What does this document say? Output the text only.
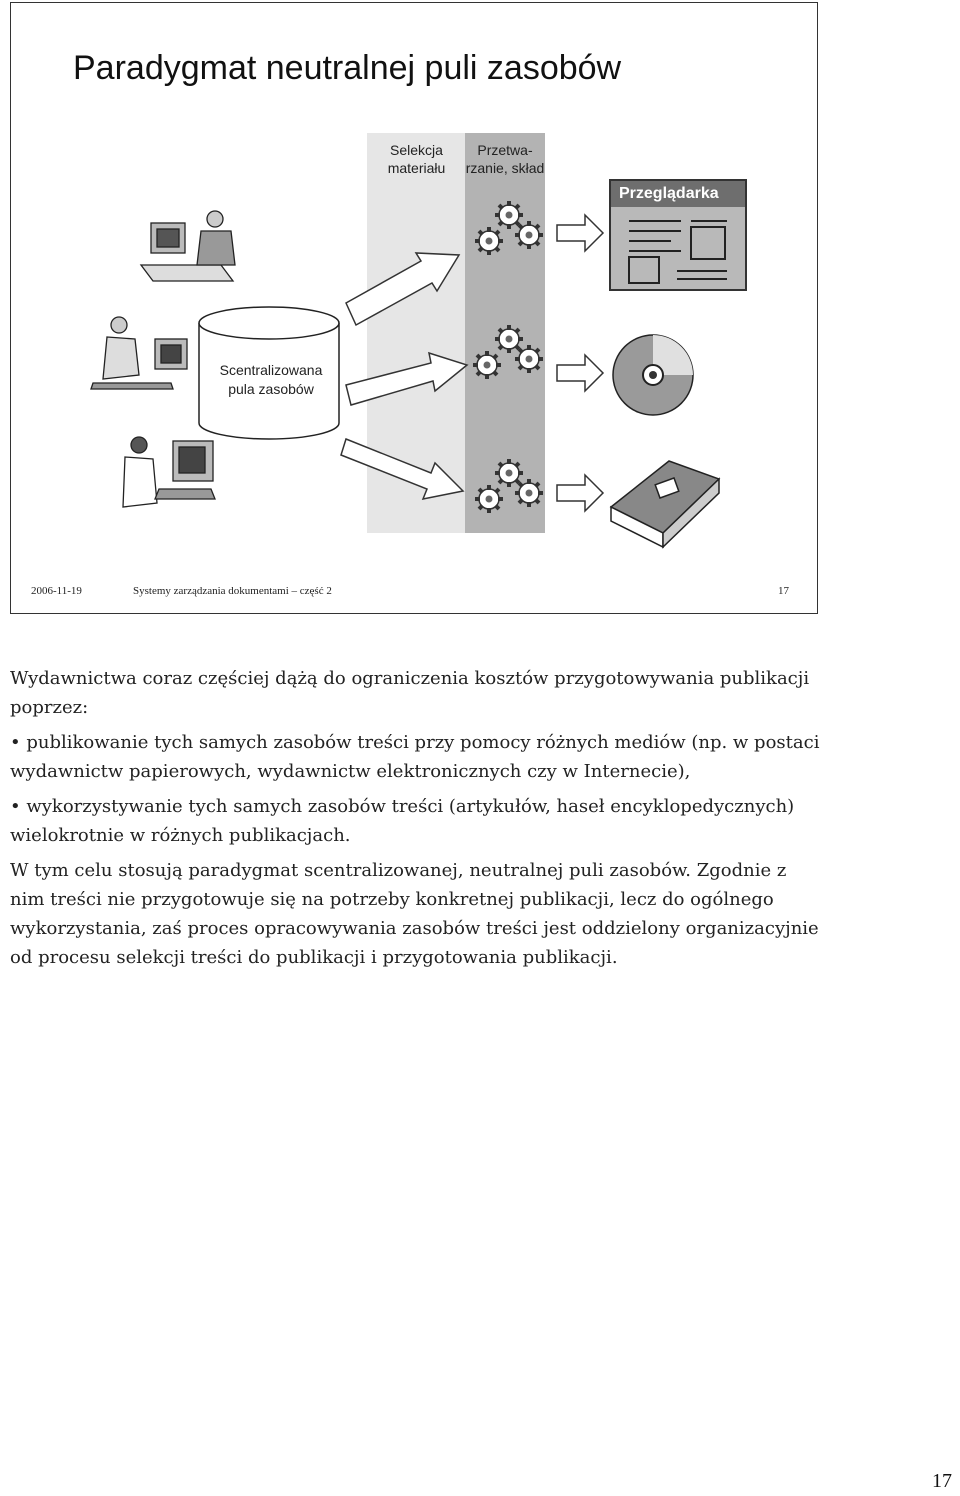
Paradygmat neutralnej puli zasobów
Selekcja materiału
Przetwa-rzanie, skład
Przeglądarka
Scentralizowana pula zasobów
2006-11-19	Systemy zarządzania dokumentami – część 2	17

Wydawnictwa coraz częściej dążą do ograniczenia kosztów przygotowywania publikacji poprzez:

• publikowanie tych samych zasobów treści przy pomocy różnych mediów (np. w postaci wydawnictw papierowych, wydawnictw elektronicznych czy w Internecie),

• wykorzystywanie tych samych zasobów treści (artykułów, haseł encyklopedycznych) wielokrotnie w różnych publikacjach.

W tym celu stosują paradygmat scentralizowanej, neutralnej puli zasobów. Zgodnie z nim treści nie przygotowuje się na potrzeby konkretnej publikacji, lecz do ogólnego wykorzystania, zaś proces opracowywania zasobów treści jest oddzielony organizacyjnie od procesu selekcji treści do publikacji i przygotowania publikacji.

17
